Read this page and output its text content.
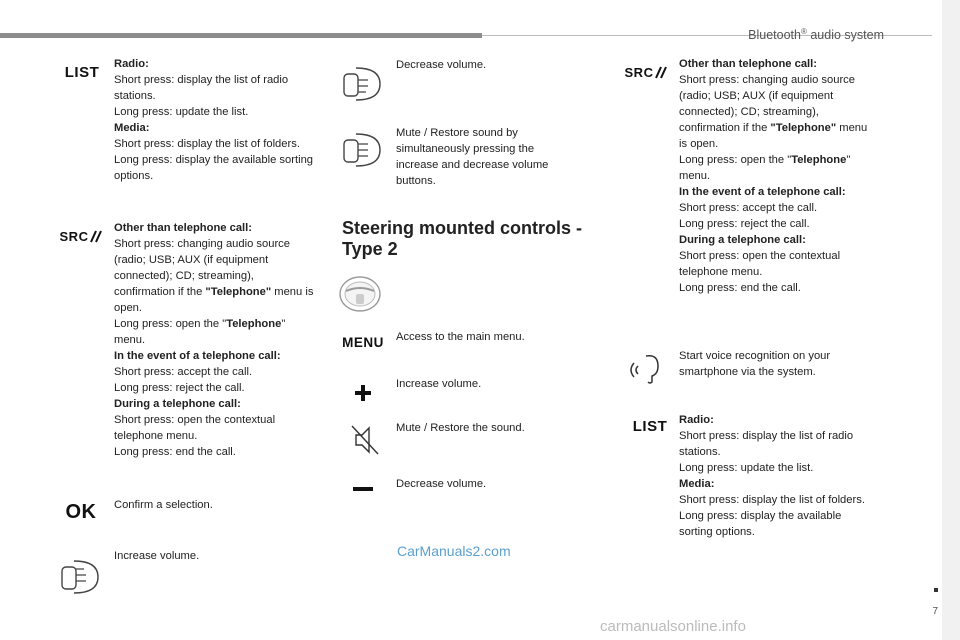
Bluetooth® audio system
7
LIST Radio:
Short press: display the list of radio stations.
Long press: update the list.
Media:
Short press: display the list of folders.
Long press: display the available sorting options.
SRC
Other than telephone call:
Short press: changing audio source (radio; USB; AUX (if equipment connected); CD; streaming), confirmation if the "Telephone" menu is open.
Long press: open the "Telephone" menu.
In the event of a telephone call:
Short press: accept the call.
Long press: reject the call.
During a telephone call:
Short press: open the contextual telephone menu.
Long press: end the call.
OK Confirm a selection.
Increase volume.
Decrease volume.
Mute / Restore sound by simultaneously pressing the increase and decrease volume buttons.
Steering mounted controls - Type 2
MENU Access to the main menu.
Increase volume.
Mute / Restore the sound.
Decrease volume.
SRC
Other than telephone call:
Short press: changing audio source (radio; USB; AUX (if equipment connected); CD; streaming), confirmation if the "Telephone" menu is open.
Long press: open the "Telephone" menu.
In the event of a telephone call:
Short press: accept the call.
Long press: reject the call.
During a telephone call:
Short press: open the contextual telephone menu.
Long press: end the call.
Start voice recognition on your smartphone via the system.
LIST Radio:
Short press: display the list of radio stations.
Long press: update the list.
Media:
Short press: display the list of folders.
Long press: display the available sorting options.
CarManuals2.com
carmanualsonline.info
